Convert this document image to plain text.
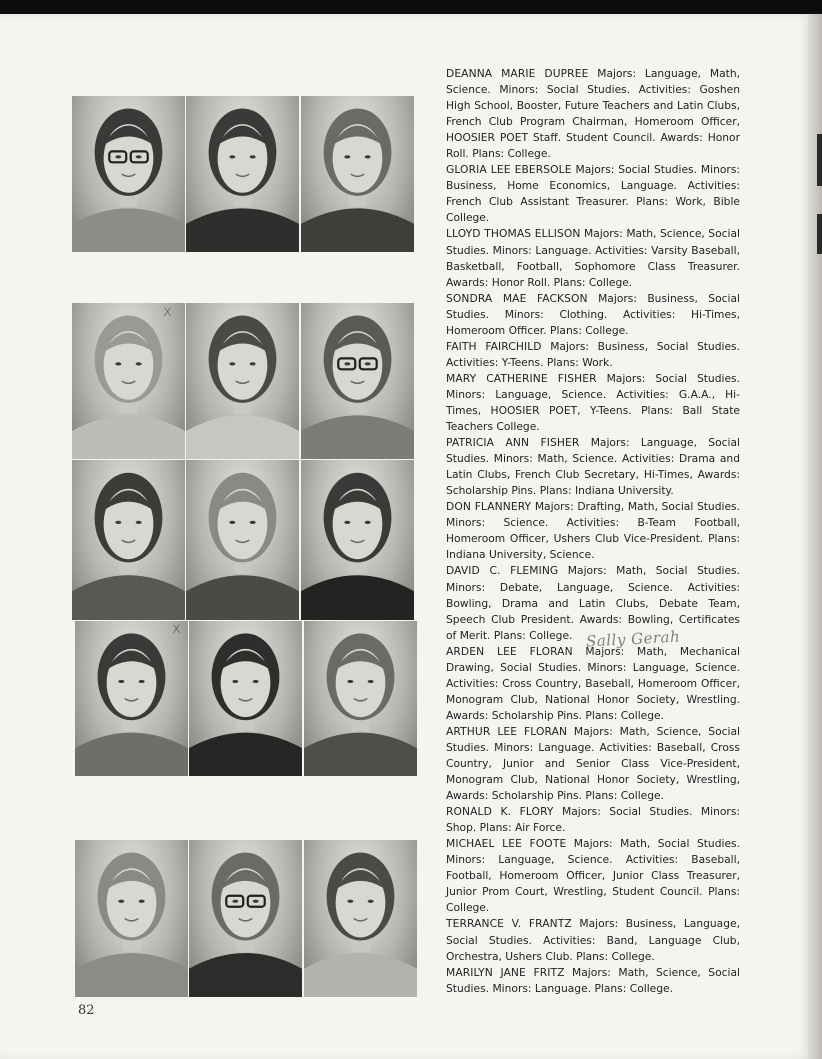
x
x

DEANNA MARIE DUPREE Majors: Language, Math, Science. Minors: Social Studies. Activities: Goshen High School, Booster, Future Teachers and Latin Clubs, French Club Program Chairman, Homeroom Officer, HOOSIER POET Staff. Student Council. Awards: Honor Roll. Plans: College.

GLORIA LEE EBERSOLE Majors: Social Studies. Minors: Business, Home Economics, Language. Activities: French Club Assistant Treasurer. Plans: Work, Bible College.

LLOYD THOMAS ELLISON Majors: Math, Science, Social Studies. Minors: Language. Activities: Varsity Baseball, Basketball, Football, Sophomore Class Treasurer. Awards: Honor Roll. Plans: College.

SONDRA MAE FACKSON Majors: Business, Social Studies. Minors: Clothing. Activities: Hi-Times, Homeroom Officer. Plans: College.

FAITH FAIRCHILD Majors: Business, Social Studies. Activities: Y-Teens. Plans: Work.

MARY CATHERINE FISHER Majors: Social Studies. Minors: Language, Science. Activities: G.A.A., Hi-Times, HOOSIER POET, Y-Teens. Plans: Ball State Teachers College.

PATRICIA ANN FISHER Majors: Language, Social Studies. Minors: Math, Science. Activities: Drama and Latin Clubs, French Club Secretary, Hi-Times, Awards: Scholarship Pins. Plans: Indiana University.

DON FLANNERY Majors: Drafting, Math, Social Studies. Minors: Science. Activities: B-Team Football, Homeroom Officer, Ushers Club Vice-President. Plans: Indiana University, Science.

DAVID C. FLEMING Majors: Math, Social Studies. Minors: Debate, Language, Science. Activities: Bowling, Drama and Latin Clubs, Debate Team, Speech Club President. Awards: Bowling, Certificates of Merit. Plans: College.

ARDEN LEE FLORAN Majors: Math, Mechanical Drawing, Social Studies. Minors: Language, Science. Activities: Cross Country, Baseball, Homeroom Officer, Monogram Club, National Honor Society, Wrestling. Awards: Scholarship Pins. Plans: College.

ARTHUR LEE FLORAN Majors: Math, Science, Social Studies. Minors: Language. Activities: Baseball, Cross Country, Junior and Senior Class Vice-President, Monogram Club, National Honor Society, Wrestling, Awards: Scholarship Pins. Plans: College.

RONALD K. FLORY Majors: Social Studies. Minors: Shop. Plans: Air Force.

MICHAEL LEE FOOTE Majors: Math, Social Studies. Minors: Language, Science. Activities: Baseball, Football, Homeroom Officer, Junior Class Treasurer, Junior Prom Court, Wrestling, Student Council. Plans: College.

TERRANCE V. FRANTZ Majors: Business, Language, Social Studies. Activities: Band, Language Club, Orchestra, Ushers Club. Plans: College.

MARILYN JANE FRITZ Majors: Math, Science, Social Studies. Minors: Language. Plans: College.

Sally Gerah
82
